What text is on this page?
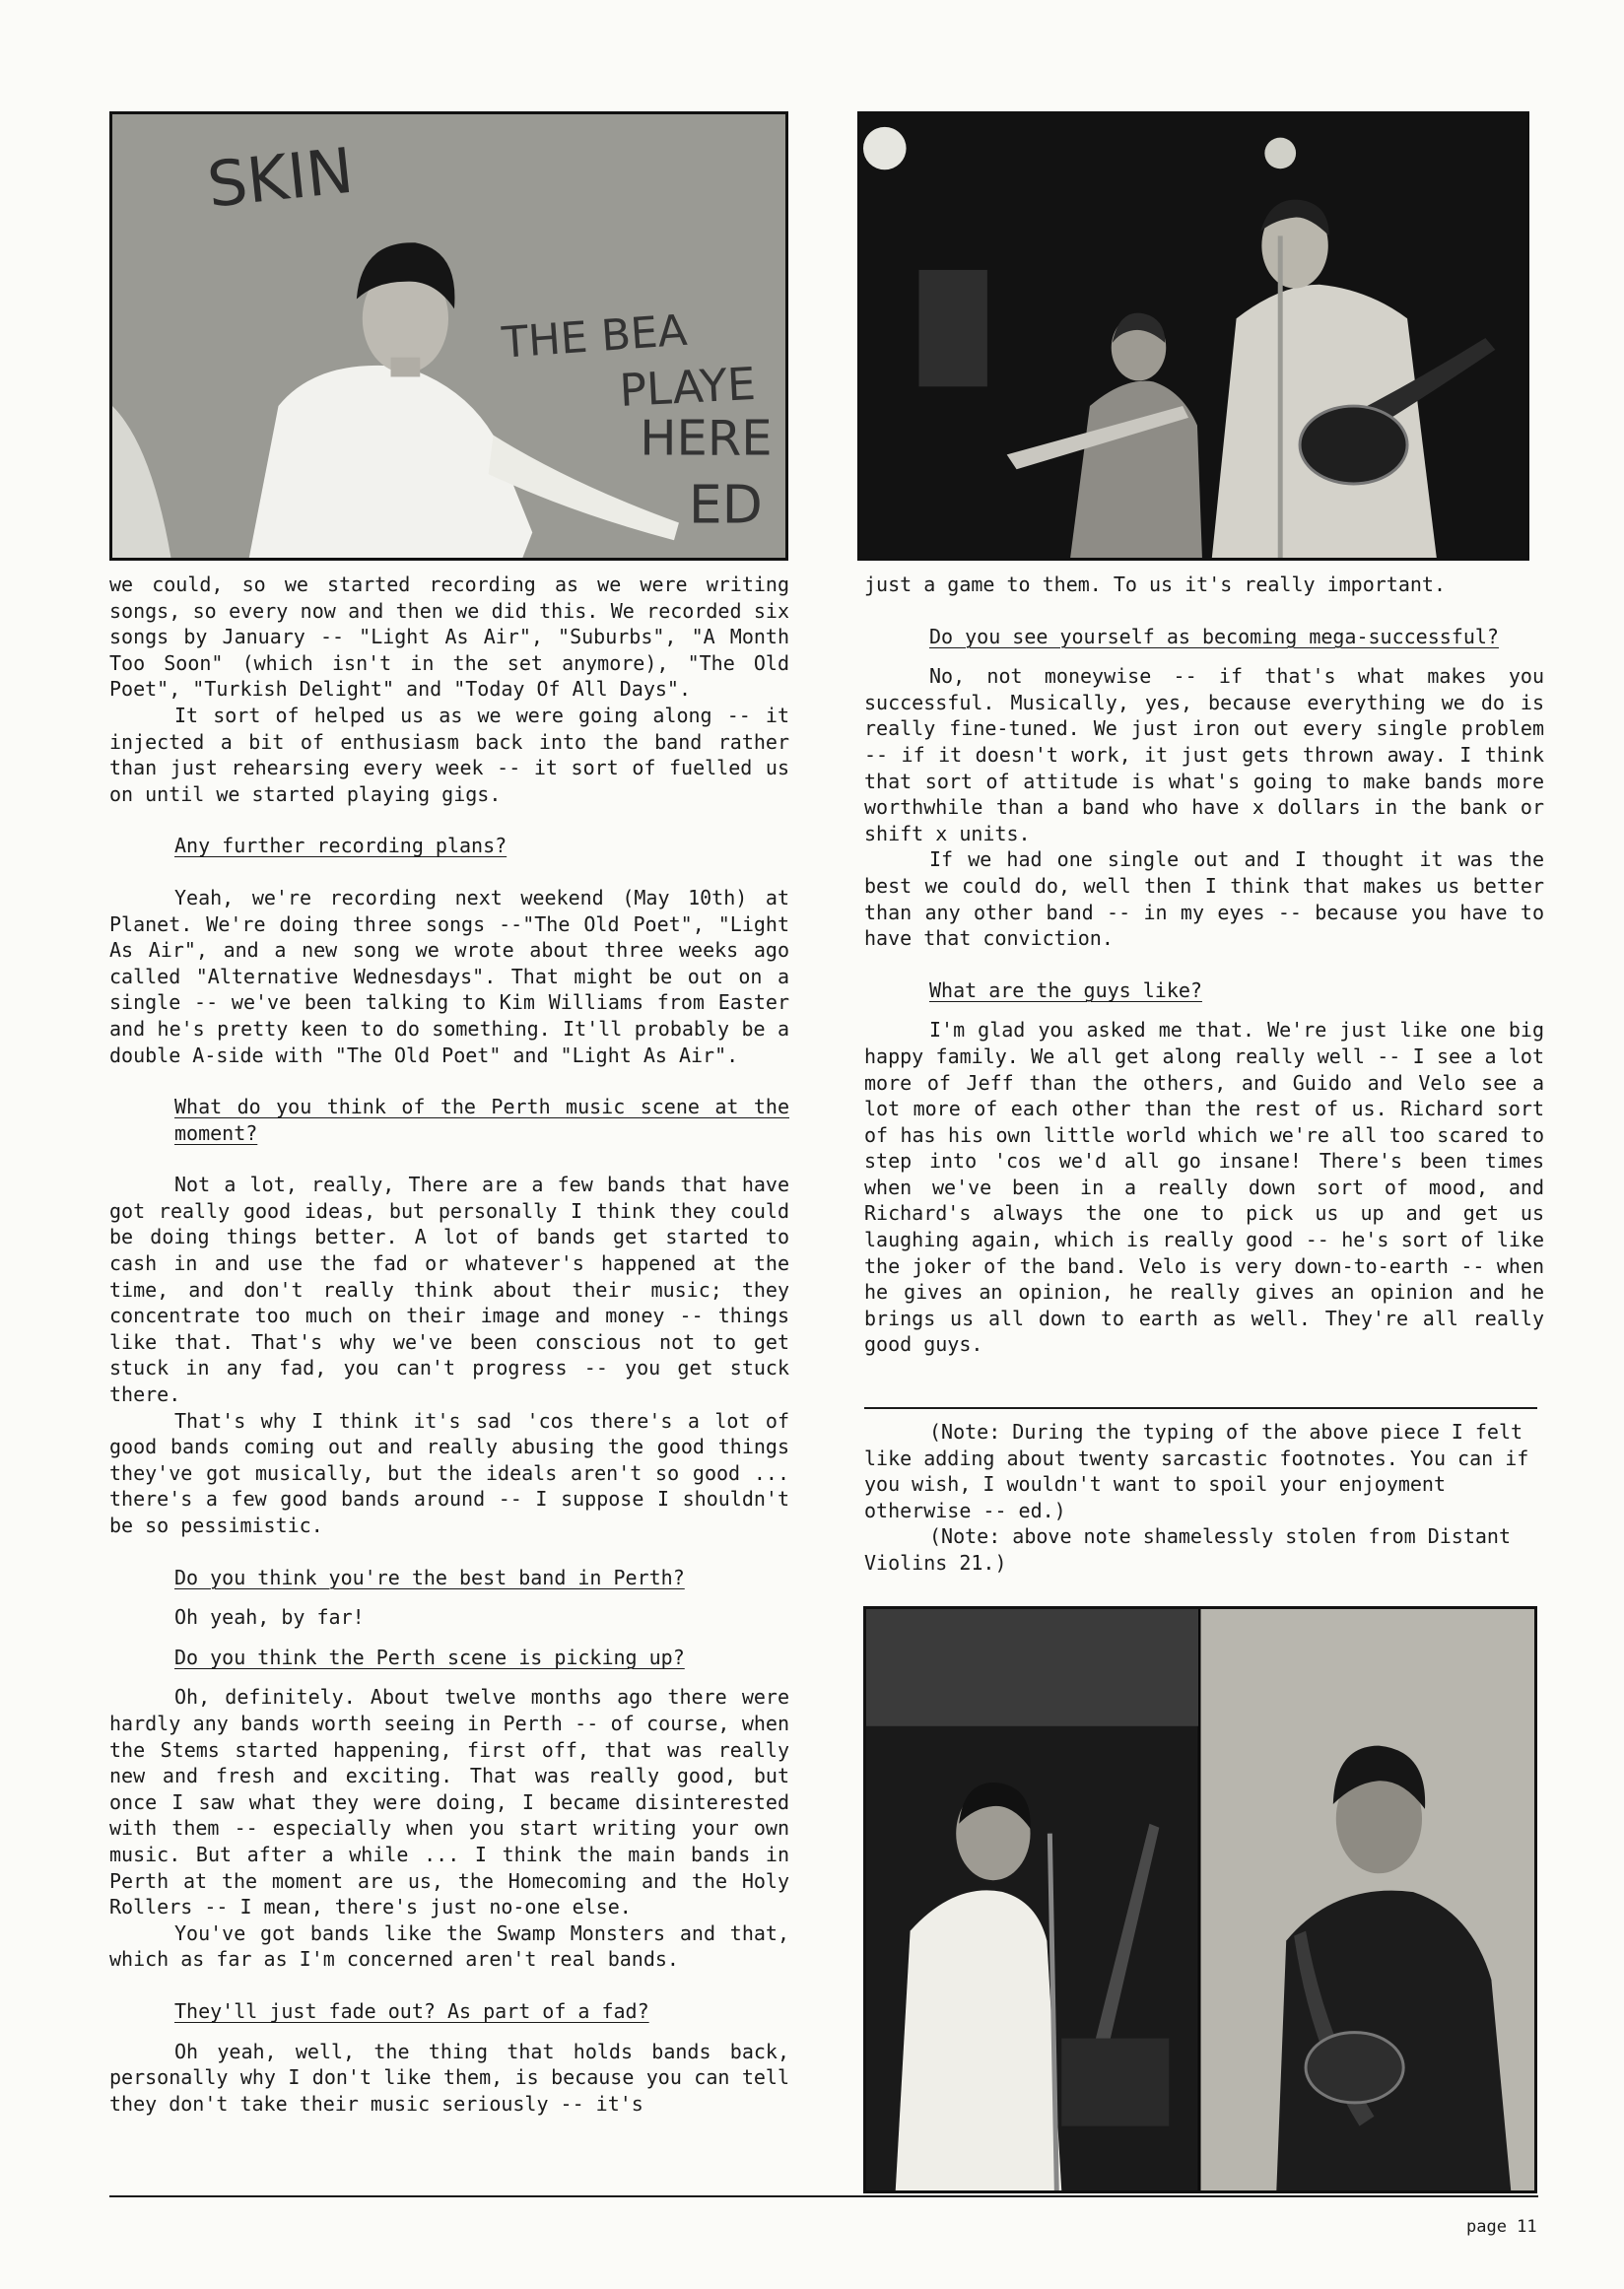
SKIN
THE BEA
PLAYE
HERE
ED

we could, so we started recording as we were writing songs, so every now and then we did this. We recorded six songs by January -- "Light As Air", "Suburbs", "A Month Too Soon" (which isn't in the set anymore), "The Old Poet", "Turkish Delight" and "Today Of All Days".

It sort of helped us as we were going along -- it injected a bit of enthusiasm back into the band rather than just rehearsing every week -- it sort of fuelled us on until we started playing gigs.

Any further recording plans?

Yeah, we're recording next weekend (May 10th) at Planet. We're doing three songs --"The Old Poet", "Light As Air", and a new song we wrote about three weeks ago called "Alternative Wednesdays". That might be out on a single -- we've been talking to Kim Williams from Easter and he's pretty keen to do something. It'll probably be a double A-side with "The Old Poet" and "Light As Air".

What do you think of the Perth music scene at the moment?

Not a lot, really, There are a few bands that have got really good ideas, but personally I think they could be doing things better. A lot of bands get started to cash in and use the fad or whatever's happened at the time, and don't really think about their music; they concentrate too much on their image and money -- things like that. That's why we've been conscious not to get stuck in any fad, you can't progress -- you get stuck there.

That's why I think it's sad 'cos there's a lot of good bands coming out and really abusing the good things they've got musically, but the ideals aren't so good ... there's a few good bands around -- I suppose I shouldn't be so pessimistic.

Do you think you're the best band in Perth?

Oh yeah, by far!

Do you think the Perth scene is picking up?

Oh, definitely. About twelve months ago there were hardly any bands worth seeing in Perth -- of course, when the Stems started happening, first off, that was really new and fresh and exciting. That was really good, but once I saw what they were doing, I became disinterested with them -- especially when you start writing your own music. But after a while ... I think the main bands in Perth at the moment are us, the Homecoming and the Holy Rollers -- I mean, there's just no-one else.

You've got bands like the Swamp Monsters and that, which as far as I'm concerned aren't real bands.

They'll just fade out? As part of a fad?

Oh yeah, well, the thing that holds bands back, personally why I don't like them, is because you can tell they don't take their music seriously -- it's

just a game to them. To us it's really important.

Do you see yourself as becoming mega-successful?

No, not moneywise -- if that's what makes you successful. Musically, yes, because everything we do is really fine-tuned. We just iron out every single problem -- if it doesn't work, it just gets thrown away. I think that sort of attitude is what's going to make bands more worthwhile than a band who have x dollars in the bank or shift x units.

If we had one single out and I thought it was the best we could do, well then I think that makes us better than any other band -- in my eyes -- because you have to have that conviction.

What are the guys like?

I'm glad you asked me that. We're just like one big happy family. We all get along really well -- I see a lot more of Jeff than the others, and Guido and Velo see a lot more of each other than the rest of us. Richard sort of has his own little world which we're all too scared to step into 'cos we'd all go insane! There's been times when we've been in a really down sort of mood, and Richard's always the one to pick us up and get us laughing again, which is really good -- he's sort of like the joker of the band. Velo is very down-to-earth -- when he gives an opinion, he really gives an opinion and he brings us all down to earth as well. They're all really good guys.

(Note: During the typing of the above piece I felt like adding about twenty sarcastic footnotes. You can if you wish, I wouldn't want to spoil your enjoyment otherwise -- ed.)

(Note: above note shamelessly stolen from Distant Violins 21.)

page 11
